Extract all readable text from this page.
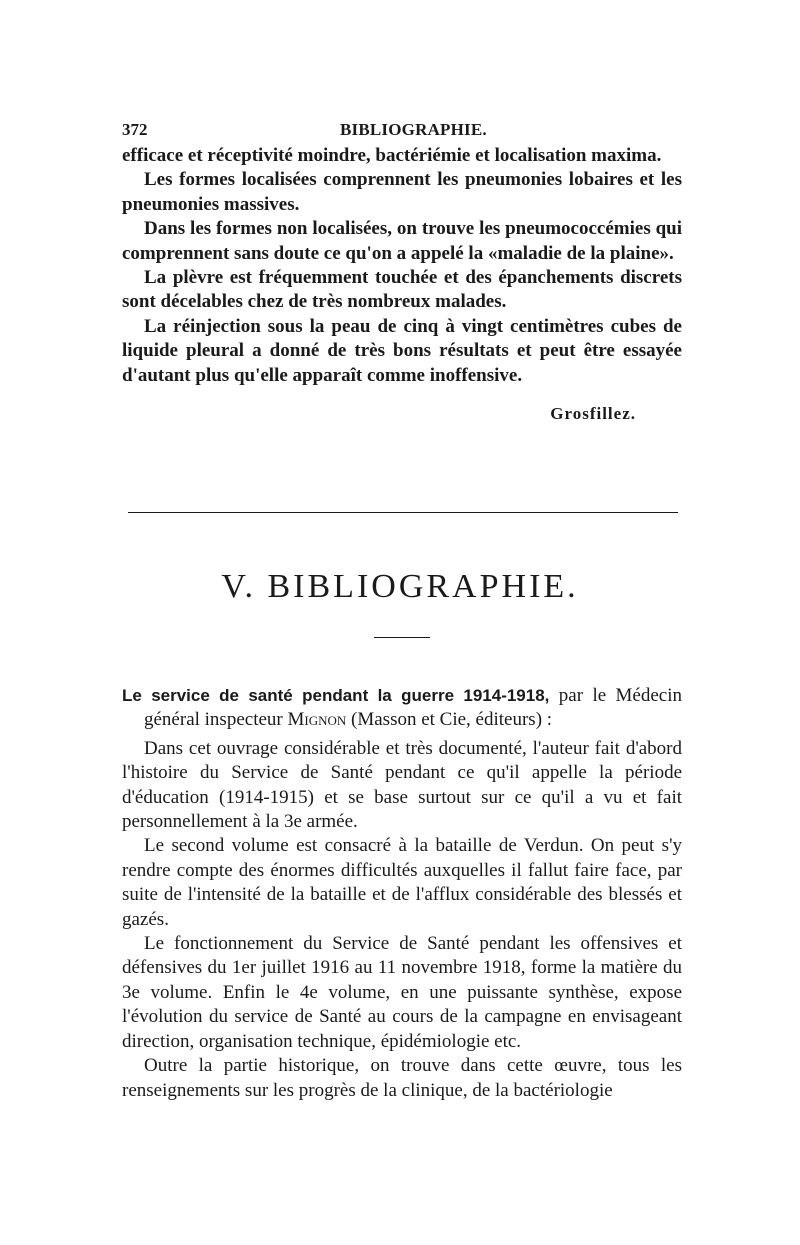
372	BIBLIOGRAPHIE.

efficace et réceptivité moindre, bactériémie et localisation maxima.

Les formes localisées comprennent les pneumonies lobaires et les pneumonies massives.

Dans les formes non localisées, on trouve les pneumococcémies qui comprennent sans doute ce qu'on a appelé la «maladie de la plaine».

La plèvre est fréquemment touchée et des épanchements discrets sont décelables chez de très nombreux malades.

La réinjection sous la peau de cinq à vingt centimètres cubes de liquide pleural a donné de très bons résultats et peut être essayée d'autant plus qu'elle apparaît comme inoffensive.

Grosfillez.
V. BIBLIOGRAPHIE.

Le service de santé pendant la guerre 1914-1918, par le Médecin général inspecteur Mignon (Masson et Cie, éditeurs) :

Dans cet ouvrage considérable et très documenté, l'auteur fait d'abord l'histoire du Service de Santé pendant ce qu'il appelle la période d'éducation (1914-1915) et se base surtout sur ce qu'il a vu et fait personnellement à la 3e armée.

Le second volume est consacré à la bataille de Verdun. On peut s'y rendre compte des énormes difficultés auxquelles il fallut faire face, par suite de l'intensité de la bataille et de l'afflux considérable des blessés et gazés.

Le fonctionnement du Service de Santé pendant les offensives et défensives du 1er juillet 1916 au 11 novembre 1918, forme la matière du 3e volume. Enfin le 4e volume, en une puissante synthèse, expose l'évolution du service de Santé au cours de la campagne en envisageant direction, organisation technique, épidémiologie etc.

Outre la partie historique, on trouve dans cette œuvre, tous les renseignements sur les progrès de la clinique, de la bactériologie
